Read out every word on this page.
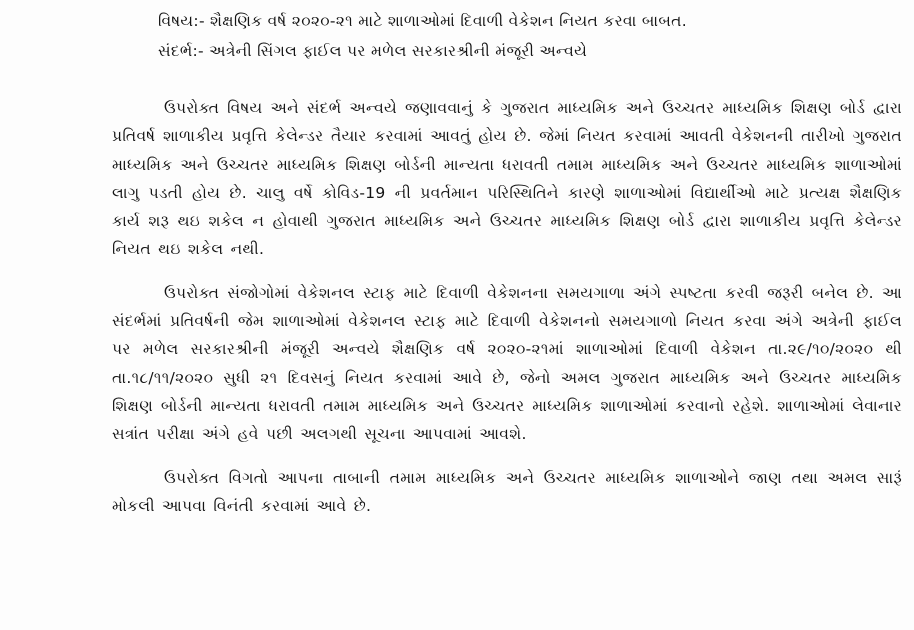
વિષય:- શૈક્ષણિક વર્ષ ૨૦૨૦-૨૧ માટે શાળાઓમાં દિવાળી વેકેશન નિયત કરવા બાબત.
સંદર્ભ:- અત્રેની સિંગલ ફાઈલ પર મળેલ સરકારશ્રીની મંજૂરી અન્વયે

ઉપરોક્ત વિષય અને સંદર્ભ અન્વયે જણાવવાનું કે ગુજરાત માધ્યમિક અને ઉચ્ચતર માધ્યમિક શિક્ષણ બોર્ડ દ્વારા પ્રતિવર્ષ શાળાકીય પ્રવૃત્તિ કેલેન્ડર તૈયાર કરવામાં આવતું હોય છે. જેમાં નિયત કરવામાં આવતી વેકેશનની તારીખો ગુજરાત માધ્યમિક અને ઉચ્ચતર માધ્યમિક શિક્ષણ બોર્ડની માન્યતા ધરાવતી તમામ માધ્યમિક અને ઉચ્ચતર માધ્યમિક શાળાઓમાં લાગુ પડતી હોય છે. ચાલુ વર્ષે કોવિડ-19 ની પ્રવર્તમાન પરિસ્થિતિને કારણે શાળાઓમાં વિદ્યાર્થીઓ માટે પ્રત્યક્ષ શૈક્ષણિક કાર્ય શરૂ થઇ શકેલ ન હોવાથી ગુજરાત માધ્યમિક અને ઉચ્ચતર માધ્યમિક શિક્ષણ બોર્ડ દ્વારા શાળાકીય પ્રવૃત્તિ કેલેન્ડર નિયત થઇ શકેલ નથી.

ઉપરોક્ત સંજોગોમાં વેકેશનલ સ્ટાફ માટે દિવાળી વેકેશનના સમયગાળા અંગે સ્પષ્ટતા કરવી જરૂરી બનેલ છે. આ સંદર્ભમાં પ્રતિવર્ષની જેમ શાળાઓમાં વેકેશનલ સ્ટાફ માટે દિવાળી વેકેશનનો સમયગાળો નિયત કરવા અંગે અત્રેની ફાઈલ પર મળેલ સરકારશ્રીની મંજૂરી અન્વયે શૈક્ષણિક વર્ષ ૨૦૨૦-૨૧માં શાળાઓમાં દિવાળી વેકેશન તા.૨૯/૧૦/૨૦૨૦ થી તા.૧૮/૧૧/૨૦૨૦ સુધી ૨૧ દિવસનું નિયત કરવામાં આવે છે, જેનો અમલ ગુજરાત માધ્યમિક અને ઉચ્ચતર માધ્યમિક શિક્ષણ બોર્ડની માન્યતા ધરાવતી તમામ માધ્યમિક અને ઉચ્ચતર માધ્યમિક શાળાઓમાં કરવાનો રહેશે. શાળાઓમાં લેવાનાર સત્રાંત પરીક્ષા અંગે હવે પછી અલગથી સૂચના આપવામાં આવશે.

ઉપરોક્ત વિગતો આપના તાબાની તમામ માધ્યમિક અને ઉચ્ચતર માધ્યમિક શાળાઓને જાણ તથા અમલ સારૂં મોકલી આપવા વિનંતી કરવામાં આવે છે.
